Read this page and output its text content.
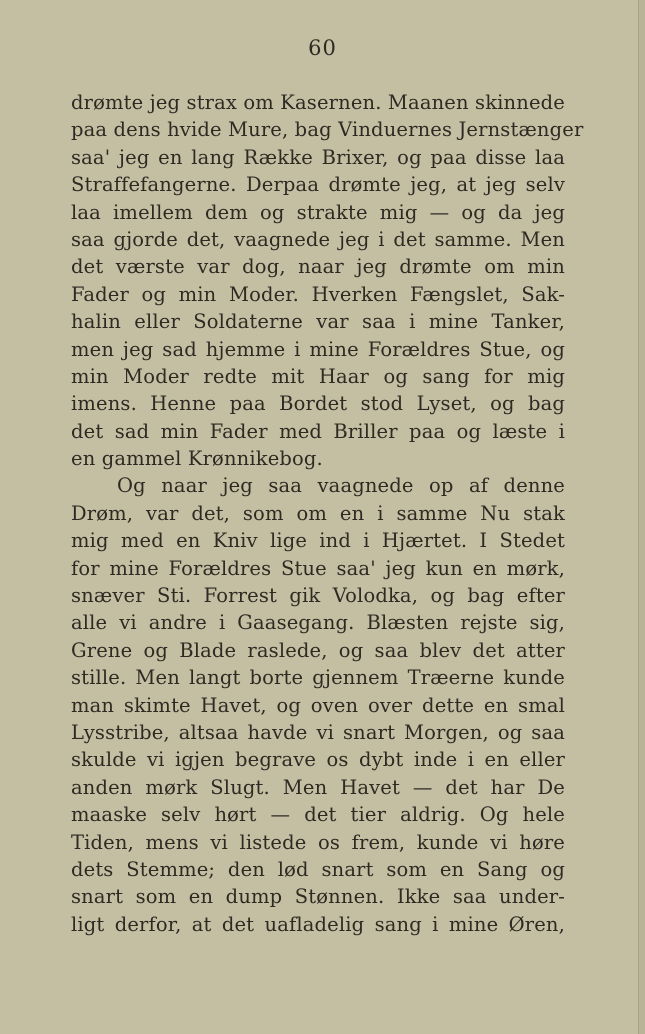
60
drømte jeg strax om Kasernen. Maanen skinnede
paa dens hvide Mure, bag Vinduernes Jernstænger
saa' jeg en lang Række Brixer, og paa disse laa
Straffefangerne. Derpaa drømte jeg, at jeg selv
laa imellem dem og strakte mig — og da jeg
saa gjorde det, vaagnede jeg i det samme. Men
det værste var dog, naar jeg drømte om min
Fader og min Moder. Hverken Fængslet, Sak-
halin eller Soldaterne var saa i mine Tanker,
men jeg sad hjemme i mine Forældres Stue, og
min Moder redte mit Haar og sang for mig
imens. Henne paa Bordet stod Lyset, og bag
det sad min Fader med Briller paa og læste i
en gammel Krønnikebog.
Og naar jeg saa vaagnede op af denne
Drøm, var det, som om en i samme Nu stak
mig med en Kniv lige ind i Hjærtet. I Stedet
for mine Forældres Stue saa' jeg kun en mørk,
snæver Sti. Forrest gik Volodka, og bag efter
alle vi andre i Gaasegang. Blæsten rejste sig,
Grene og Blade raslede, og saa blev det atter
stille. Men langt borte gjennem Træerne kunde
man skimte Havet, og oven over dette en smal
Lysstribe, altsaa havde vi snart Morgen, og saa
skulde vi igjen begrave os dybt inde i en eller
anden mørk Slugt. Men Havet — det har De
maaske selv hørt — det tier aldrig. Og hele
Tiden, mens vi listede os frem, kunde vi høre
dets Stemme; den lød snart som en Sang og
snart som en dump Stønnen. Ikke saa under-
ligt derfor, at det uafladelig sang i mine Øren,
